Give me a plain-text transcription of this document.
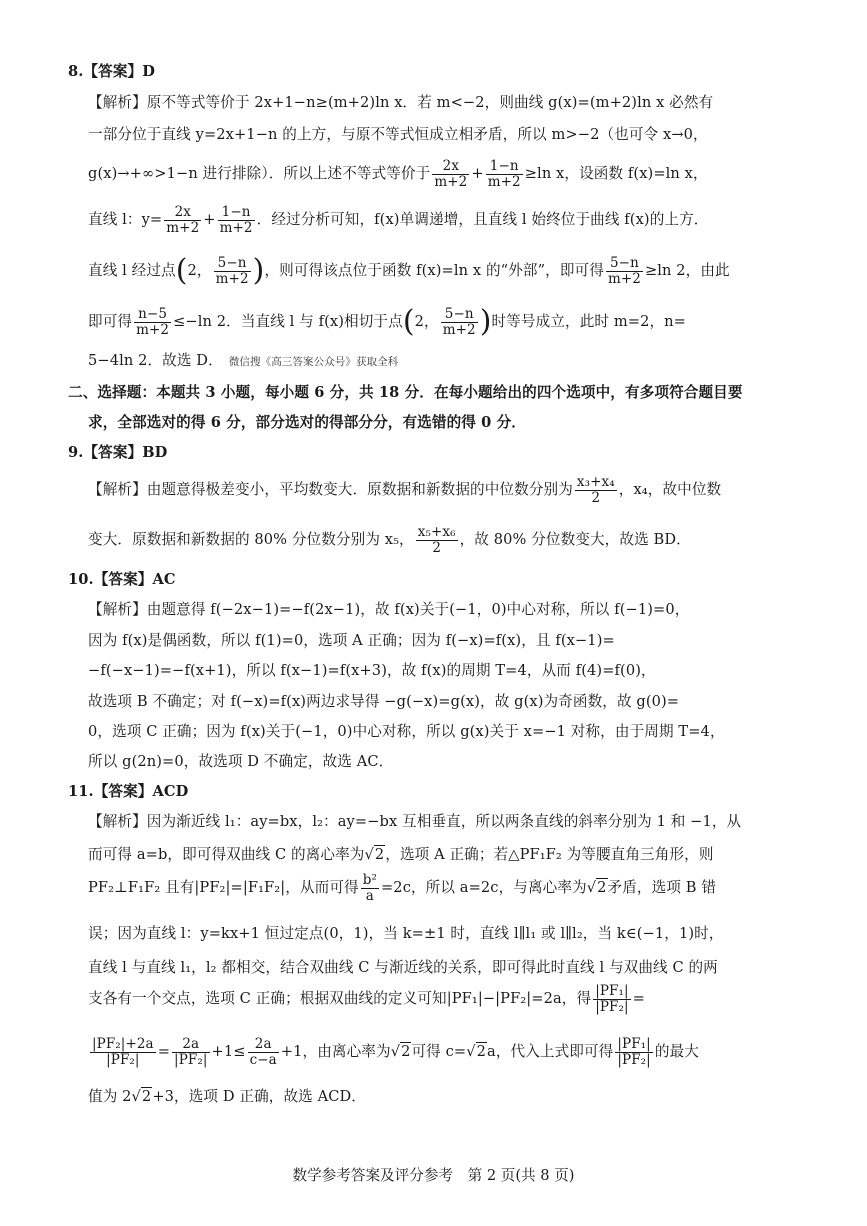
8.【答案】D
【解析】原不等式等价于 2x+1−n≥(m+2)ln x．若 m<−2，则曲线 g(x)=(m+2)ln x 必然有
一部分位于直线 y=2x+1−n 的上方，与原不等式恒成立相矛盾，所以 m>−2（也可令 x→0，
g(x)→+∞>1−n 进行排除）．所以上述不等式等价于 $\frac{2x}{m+2} + \frac{1-n}{m+2} \ge\ln$ x，设函数 f(x)=ln x，
直线 l：$y= \frac{2x}{m+2} + \frac{1-n}{m+2}$ ．经过分析可知，f(x)单调递增，且直线 l 始终位于曲线 f(x)的上方．
直线 l 经过点(2， $\frac{5-n}{m+2}$ )，则可得该点位于函数 f(x)=ln x 的“外部”，即可得 $\frac{5-n}{m+2} \ge\ln$ 2，由此
即可得 $\frac{n-5}{m+2} \le-\ln$ 2．当直线 l 与 f(x)相切于点(2， $\frac{5-n}{m+2}$ )时等号成立，此时 m=2，n=
5−4ln 2．故选 D． 微信搜《高三答案公众号》获取全科
二、选择题：本题共 3 小题，每小题 6 分，共 18 分．在每小题给出的四个选项中，有多项符合题目要
求，全部选对的得 6 分，部分选对的得部分分，有选错的得 0 分．
9.【答案】BD
【解析】由题意得极差变小，平均数变大．原数据和新数据的中位数分别为 $\frac{\text{x₃+x₄}}{2}$ ，x₄，故中位数
变大．原数据和新数据的 80% 分位数分别为 x₅， $\frac{\text{x₅+x₆}}{2}$ ，故 80% 分位数变大，故选 BD．
10.【答案】AC
【解析】由题意得 f(−2x−1)=−f(2x−1)，故 f(x)关于(−1，0)中心对称，所以 f(−1)=0，
因为 f(x)是偶函数，所以 f(1)=0，选项 A 正确；因为 f(−x)=f(x)，且 f(x−1)=
−f(−x−1)=−f(x+1)，所以 f(x−1)=f(x+3)，故 f(x)的周期 T=4，从而 f(4)=f(0)，
故选项 B 不确定；对 f(−x)=f(x)两边求导得 −g(−x)=g(x)，故 g(x)为奇函数，故 g(0)=
0，选项 C 正确；因为 f(x)关于(−1，0)中心对称，所以 g(x)关于 x=−1 对称，由于周期 T=4，
所以 g(2n)=0，故选项 D 不确定，故选 AC．
11.【答案】ACD
【解析】因为渐近线 l₁：ay=bx，l₂：ay=−bx 互相垂直，所以两条直线的斜率分别为 1 和 −1，从
而可得 a=b，即可得双曲线 C 的离心率为√2，选项 A 正确；若△PF₁F₂ 为等腰直角三角形，则
PF₂⊥F₁F₂ 且有|PF₂|=|F₁F₂|，从而可得 $\frac{\text{b²}}{a} =2c$，所以 a=2c，与离心率为√2矛盾，选项 B 错
误；因为直线 l：y=kx+1 恒过定点(0，1)，当 k=±1 时，直线 l∥l₁ 或 l∥l₂，当 k∈(−1，1)时，
直线 l 与直线 l₁，l₂ 都相交，结合双曲线 C 与渐近线的关系，即可得此时直线 l 与双曲线 C 的两
支各有一个交点，选项 C 正确；根据双曲线的定义可知|PF₁|−|PF₂|=2a，得 $\frac{\text{|PF₁|}}{\text{|PF₂|}}$ =
$\frac{\text{|PF₂|+2a}}{\text{|PF₂|}} = \frac{2a}{\text{|PF₂|}} +1\le \frac{2a}{c-a} +1$，由离心率为√2可得 c=√2a，代入上式即可得 $\frac{\text{|PF₁|}}{\text{|PF₂|}}$ 的最大
值为 2√2+3，选项 D 正确，故选 ACD．
数学参考答案及评分参考　第 2 页(共 8 页)
